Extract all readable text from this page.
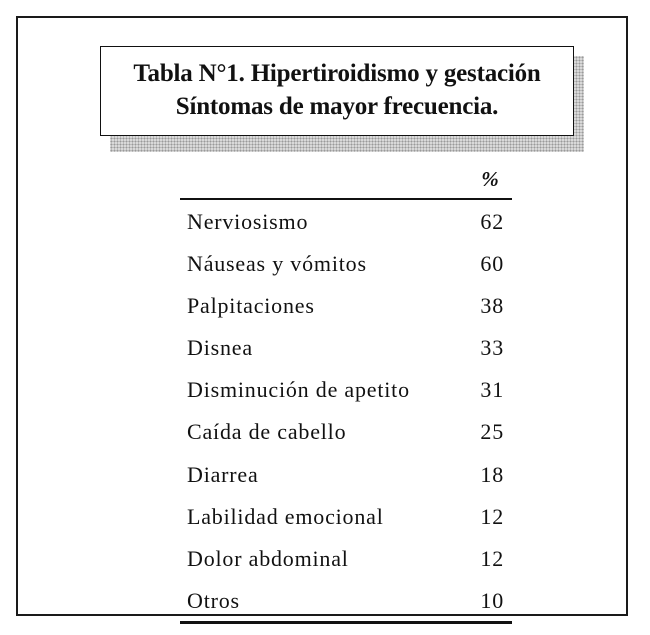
Tabla N°1. Hipertiroidismo y gestación
Síntomas de mayor frecuencia.
%
Nerviosismo	62
Náuseas y vómitos	60
Palpitaciones	38
Disnea	33
Disminución de apetito	31
Caída de cabello	25
Diarrea	18
Labilidad emocional	12
Dolor abdominal	12
Otros	10
